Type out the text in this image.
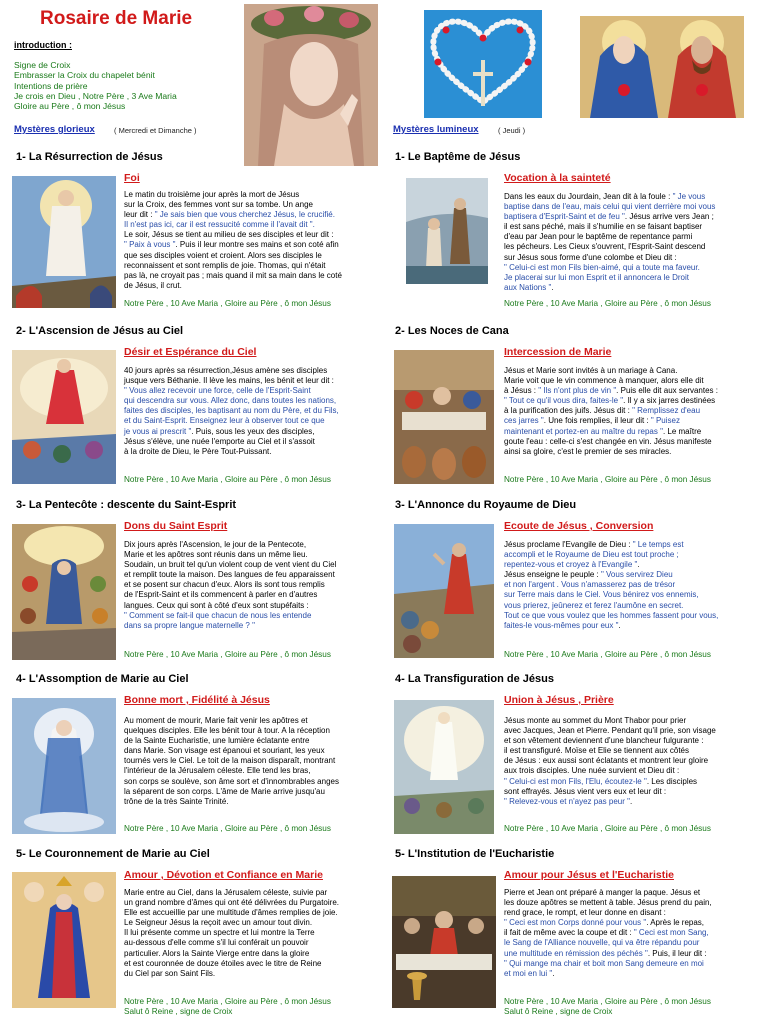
Rosaire de Marie
introduction :
Signe de Croix
Embrasser la Croix du chapelet bénit
Intentions de prière
Je crois en Dieu , Notre Père , 3 Ave Maria
Gloire au Père , ô mon Jésus
Mystères glorieux	( Mercredi et Dimanche )	Mystères lumineux	( Jeudi )
1- La Résurrection de Jésus
Foi
Le matin du troisième jour après la mort de Jésus
sur la Croix, des femmes vont sur sa tombe. Un ange
leur dit : " Je sais bien que vous cherchez Jésus, le crucifié.
Il n'est pas ici, car il est ressucité comme il l'avait dit ".
Le soir, Jésus se tient au milieu de ses disciples et leur dit :
" Paix à vous ". Puis il leur montre ses mains et son coté afin
que ses disciples voient et croient. Alors ses disciples le
reconnaissent et sont remplis de joie. Thomas, qui n'était
pas là, ne croyait pas ; mais quand il mit sa main dans le coté
de Jésus, il crut.
Notre Père , 10 Ave Maria , Gloire au Père , ô mon Jésus
2- L'Ascension de Jésus au Ciel
Désir et Espérance du Ciel
40 jours après sa résurrection,Jésus amène ses disciples
jusque vers Béthanie. Il lève les mains, les bénit et leur dit :
" Vous allez recevoir une force, celle de l'Esprit-Saint
qui descendra sur vous. Allez donc, dans toutes les nations,
faites des disciples, les baptisant au nom du Père, et du Fils,
et du Saint-Esprit. Enseignez leur à observer tout ce que
je vous ai prescrit ". Puis, sous les yeux des disciples,
Jésus s'élève, une nuée l'emporte au Ciel et il s'assoit
à la droite de Dieu, le Père Tout-Puissant.
Notre Père , 10 Ave Maria , Gloire au Père , ô mon Jésus
3- La Pentecôte : descente du Saint-Esprit
Dons du Saint Esprit
Dix jours après l'Ascension, le jour de la Pentecote,
Marie et les apôtres sont réunis dans un même lieu.
Soudain, un bruit tel qu'un violent coup de vent vient du Ciel
et remplit toute la maison. Des langues de feu apparaissent
et se posent sur chacun d'eux. Alors ils sont tous remplis
de l'Esprit-Saint et ils commencent à parler en d'autres
langues. Ceux qui sont à côté d'eux sont stupéfaits :
" Comment se fait-il que chacun de nous les entende
dans sa propre langue maternelle ? "
Notre Père , 10 Ave Maria , Gloire au Père , ô mon Jésus
4- L'Assomption de Marie au Ciel
Bonne mort , Fidélité à Jésus
Au moment de mourir, Marie fait venir les apôtres et
quelques disciples. Elle les bénit tour à tour. A la réception
de la Sainte Eucharistie, une lumière éclatante entre
dans Marie. Son visage est épanoui et souriant, les yeux
tournés vers le Ciel. Le toit de la maison disparaît, montrant
l'intérieur de la Jérusalem céleste. Elle tend les bras,
son corps se soulève, son âme sort et d'innombrables anges
la séparent de son corps. L'âme de Marie arrive jusqu'au
trône de la très Sainte Trinité.
Notre Père , 10 Ave Maria , Gloire au Père , ô mon Jésus
5- Le Couronnement de Marie au Ciel
Amour , Dévotion et Confiance en Marie
Marie entre au Ciel, dans la Jérusalem céleste, suivie par
un grand nombre d'âmes qui ont été délivrées du Purgatoire.
Elle est accueillie par une multitude d'âmes remplies de joie.
Le Seigneur Jésus la reçoit avec un amour tout divin.
Il lui présente comme un spectre et lui montre la Terre
au-dessous d'elle comme s'il lui conférait un pouvoir
particulier. Alors la Sainte Vierge entre dans la gloire
et est couronnée de douze étoiles avec le titre de Reine
du Ciel par son Saint Fils.
Notre Père , 10 Ave Maria , Gloire au Père , ô mon Jésus
Salut ô Reine , signe de Croix
1- Le Baptême de Jésus
Vocation à la sainteté
Dans les eaux du Jourdain, Jean dit à la foule : " Je vous
baptise dans de l'eau, mais celui qui vient derrière moi vous
baptisera d'Esprit-Saint et de feu ". Jésus arrive vers Jean ;
il est sans péché, mais il s'humilie en se faisant baptiser
d'eau par Jean pour le baptême de repentance parmi
les pécheurs. Les Cieux s'ouvrent, l'Esprit-Saint descend
sur Jésus sous forme d'une colombe et Dieu dit :
" Celui-ci est mon Fils bien-aimé, qui a toute ma faveur.
Je placerai sur lui mon Esprit et il annoncera le Droit
aux Nations ".
Notre Père , 10 Ave Maria , Gloire au Père , ô mon Jésus
2- Les Noces de Cana
Intercession de Marie
Jésus et Marie sont invités à un mariage à Cana.
Marie voit que le vin commence à manquer, alors elle dit
à Jésus : " Ils n'ont plus de vin ". Puis elle dit aux servantes :
" Tout ce qu'il vous dira, faites-le ". Il y a six jarres destinées
à la purification des juifs. Jésus dit : " Remplissez d'eau
ces jarres ". Une fois remplies, il leur dit : " Puisez
maintenant et portez-en au maître du repas ". Le maître
goute l'eau : celle-ci s'est changée en vin. Jésus manifeste
ainsi sa gloire, c'est le premier de ses miracles.
Notre Père , 10 Ave Maria , Gloire au Père , ô mon Jésus
3- L'Annonce du Royaume de Dieu
Ecoute de Jésus , Conversion
Jésus proclame l'Evangile de Dieu : " Le temps est
accompli et le Royaume de Dieu est tout proche ;
repentez-vous et croyez à l'Evangile ".
Jésus enseigne le peuple : " Vous servirez Dieu
et non l'argent . Vous n'amasserez pas de trésor
sur Terre mais dans le Ciel. Vous bénirez vos ennemis,
vous prierez, jeûnerez et ferez l'aumône en secret.
Tout ce que vous voulez que les hommes fassent pour vous,
faites-le vous-mêmes pour eux ".
Notre Père , 10 Ave Maria , Gloire au Père , ô mon Jésus
4- La Transfiguration de Jésus
Union à Jésus , Prière
Jésus monte au sommet du Mont Thabor pour prier
avec Jacques, Jean et Pierre. Pendant qu'il prie, son visage
et son vêtement deviennent d'une blancheur fulgurante :
il est transfiguré. Moïse et Elie se tiennent aux côtés
de Jésus : eux aussi sont éclatants et montrent leur gloire
aux trois disciples. Une nuée survient et Dieu dit :
" Celui-ci est mon Fils, l'Elu, écoutez-le ". Les disciples
sont effrayés. Jésus vient vers eux et leur dit :
" Relevez-vous et n'ayez pas peur ".
Notre Père , 10 Ave Maria , Gloire au Père , ô mon Jésus
5- L'Institution de l'Eucharistie
Amour pour Jésus et l'Eucharistie
Pierre et Jean ont préparé à manger la paque. Jésus et
les douze apôtres se mettent à table. Jésus prend du pain,
rend grace, le rompt, et leur donne en disant :
" Ceci est mon Corps donné pour vous ". Après le repas,
il fait de même avec la coupe et dit : " Ceci est mon Sang,
le Sang de l'Alliance nouvelle, qui va être répandu pour
une multitude en rémission des péchés ". Puis, il leur dit :
" Qui mange ma chair et boit mon Sang demeure en moi
et moi en lui ".
Notre Père , 10 Ave Maria , Gloire au Père , ô mon Jésus
Salut ô Reine , signe de Croix
